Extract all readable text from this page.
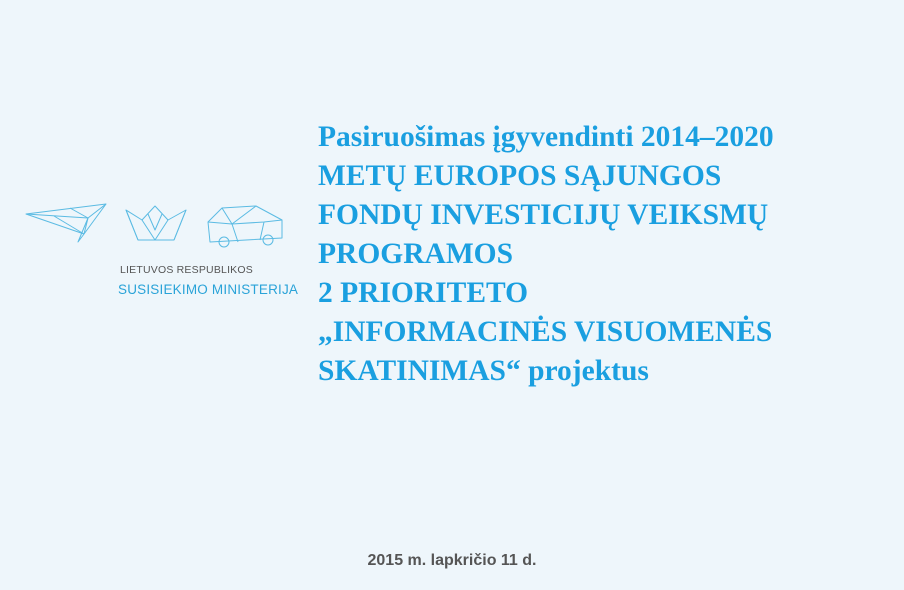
LIETUVOS RESPUBLIKOS
SUSISIEKIMO MINISTERIJA
Pasiruošimas įgyvendinti 2014–2020
METŲ EUROPOS SĄJUNGOS
FONDŲ INVESTICIJŲ VEIKSMŲ
PROGRAMOS
2 PRIORITETO
„INFORMACINĖS VISUOMENĖS
SKATINIMAS“ projektus
2015 m. lapkričio 11 d.
